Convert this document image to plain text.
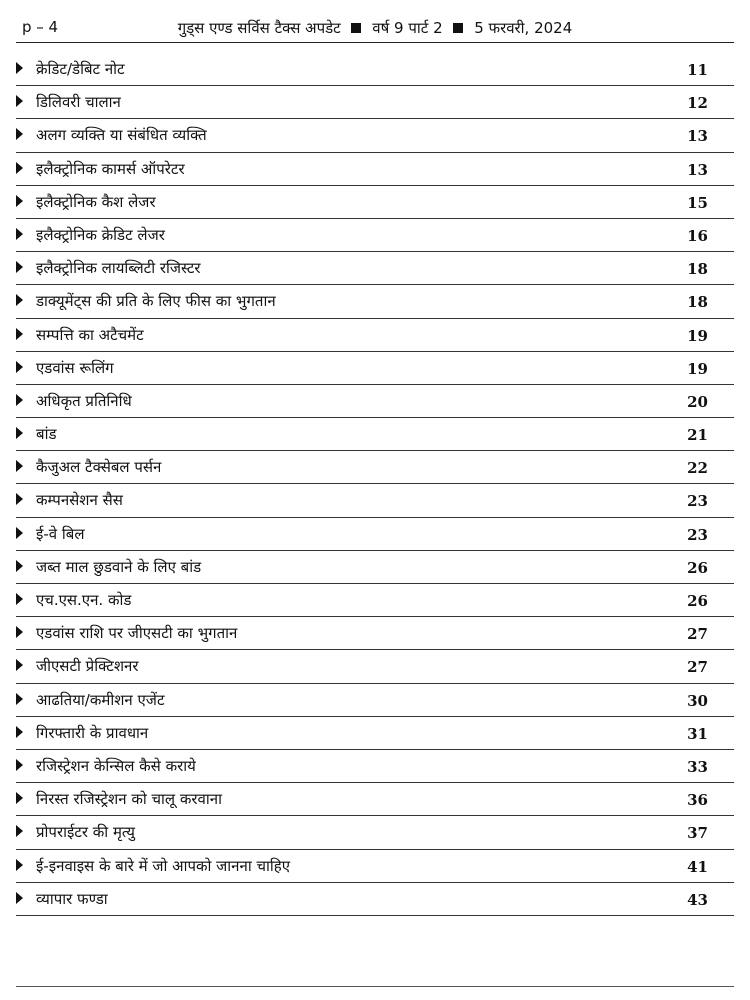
p – 4	गुड्स एण्ड सर्विस टैक्स अपडेट वर्ष 9 पार्ट 2 5 फरवरी, 2024
क्रेडिट/डेबिट नोट	11
डिलिवरी चालान	12
अलग व्यक्ति या संबंधित व्यक्ति	13
इलैक्ट्रोनिक कामर्स ऑपरेटर	13
इलैक्ट्रोनिक कैश लेजर	15
इलैक्ट्रोनिक क्रेडिट लेजर	16
इलैक्ट्रोनिक लायब्लिटी रजिस्टर	18
डाक्यूमेंट्स की प्रति के लिए फीस का भुगतान	18
सम्पत्ति का अटैचमेंट	19
एडवांस रूलिंग	19
अधिकृत प्रतिनिधि	20
बांड	21
कैजुअल टैक्सेबल पर्सन	22
कम्पनसेशन सैस	23
ई-वे बिल	23
जब्त माल छुडवाने के लिए बांड	26
एच.एस.एन. कोड	26
एडवांस राशि पर जीएसटी का भुगतान	27
जीएसटी प्रेक्टिशनर	27
आढतिया/कमीशन एजेंट	30
गिरफ्तारी के प्रावधान	31
रजिस्ट्रेशन केन्सिल कैसे कराये	33
निरस्त रजिस्ट्रेशन को चालू करवाना	36
प्रोपराईटर की मृत्यु	37
ई-इनवाइस के बारे में जो आपको जानना चाहिए	41
व्यापार फण्डा	43
